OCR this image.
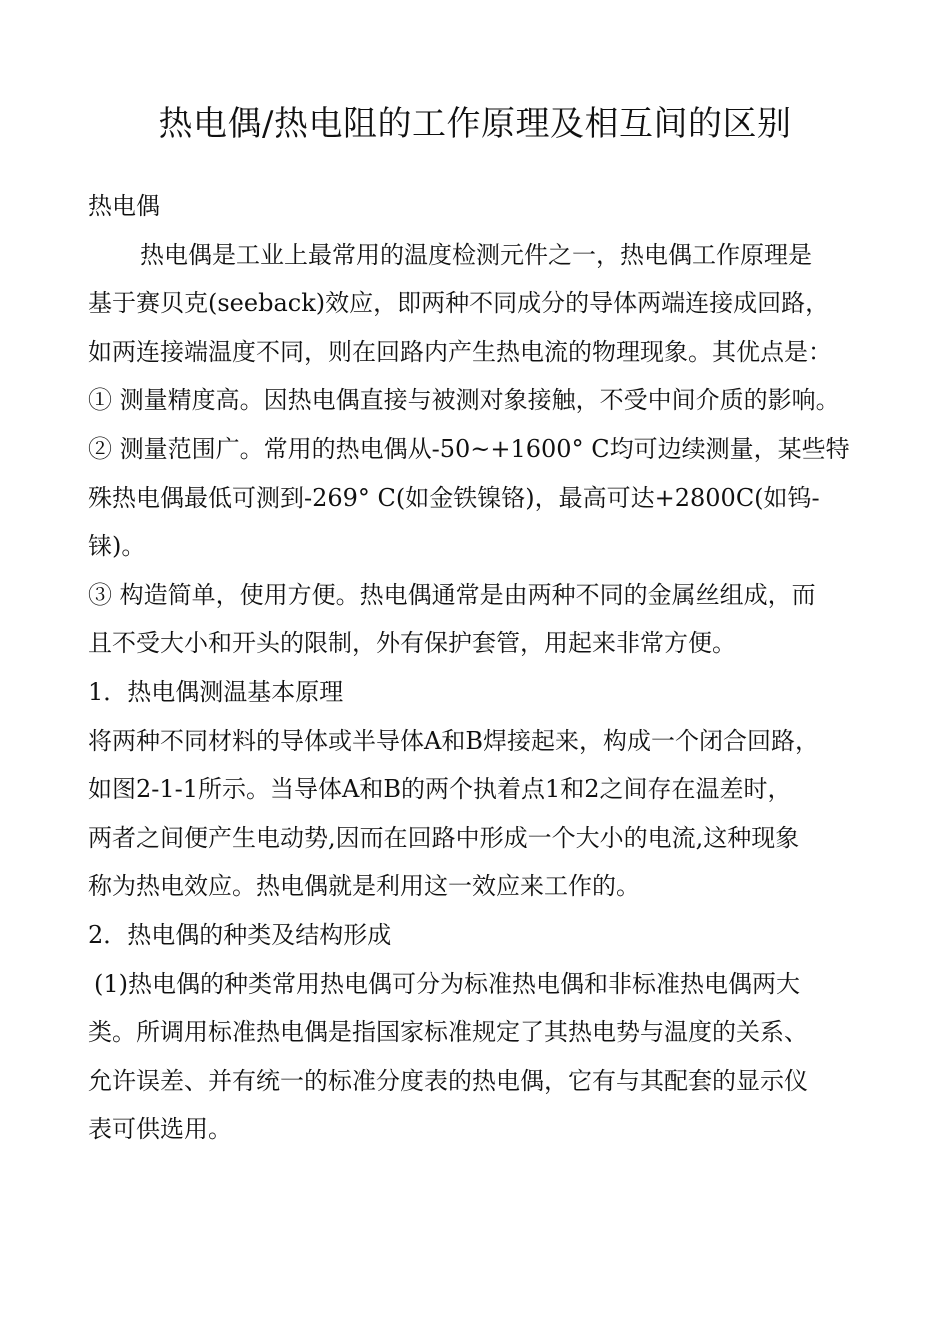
热电偶/热电阻的工作原理及相互间的区别

热电偶

热电偶是工业上最常用的温度检测元件之一，热电偶工作原理是

基于赛贝克(seeback)效应，即两种不同成分的导体两端连接成回路，

如两连接端温度不同，则在回路内产生热电流的物理现象。其优点是：

① 测量精度高。因热电偶直接与被测对象接触，不受中间介质的影响。

② 测量范围广。常用的热电偶从-50~+1600° C均可边续测量，某些特

殊热电偶最低可测到-269° C(如金铁镍铬)，最高可达+2800C(如钨-

铼)。

③ 构造简单，使用方便。热电偶通常是由两种不同的金属丝组成，而

且不受大小和开头的限制，外有保护套管，用起来非常方便。

1．热电偶测温基本原理

将两种不同材料的导体或半导体A和B焊接起来，构成一个闭合回路，

如图2-1-1所示。当导体A和B的两个执着点1和2之间存在温差时，

两者之间便产生电动势,因而在回路中形成一个大小的电流,这种现象

称为热电效应。热电偶就是利用这一效应来工作的。

2．热电偶的种类及结构形成

(1)热电偶的种类常用热电偶可分为标准热电偶和非标准热电偶两大

类。所调用标准热电偶是指国家标准规定了其热电势与温度的关系、

允许误差、并有统一的标准分度表的热电偶，它有与其配套的显示仪

表可供选用。
